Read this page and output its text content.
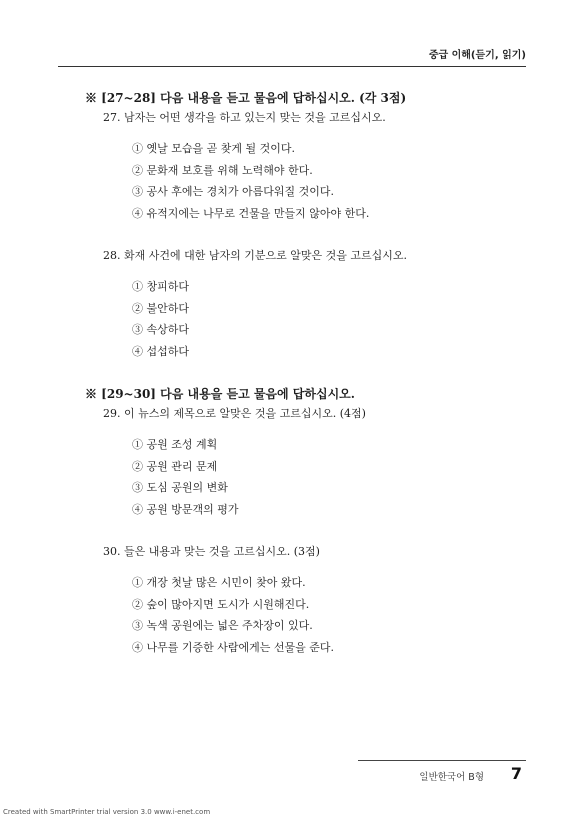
중급 이해(듣기, 읽기)
※ [27~28] 다음 내용을 듣고 물음에 답하십시오. (각 3점)
27. 남자는 어떤 생각을 하고 있는지 맞는 것을 고르십시오.
① 옛날 모습을 곧 찾게 될 것이다.
② 문화재 보호를 위해 노력해야 한다.
③ 공사 후에는 경치가 아름다워질 것이다.
④ 유적지에는 나무로 건물을 만들지 않아야 한다.
28. 화재 사건에 대한 남자의 기분으로 알맞은 것을 고르십시오.
① 창피하다
② 불안하다
③ 속상하다
④ 섭섭하다
※ [29~30] 다음 내용을 듣고 물음에 답하십시오.
29. 이 뉴스의 제목으로 알맞은 것을 고르십시오. (4점)
① 공원 조성 계획
② 공원 관리 문제
③ 도심 공원의 변화
④ 공원 방문객의 평가
30. 들은 내용과 맞는 것을 고르십시오. (3점)
① 개장 첫날 많은 시민이 찾아 왔다.
② 숲이 많아지면 도시가 시원해진다.
③ 녹색 공원에는 넓은 주차장이 있다.
④ 나무를 기증한 사람에게는 선물을 준다.
일반한국어 B형 7
Created with SmartPrinter trial version 3.0 www.i-enet.com
